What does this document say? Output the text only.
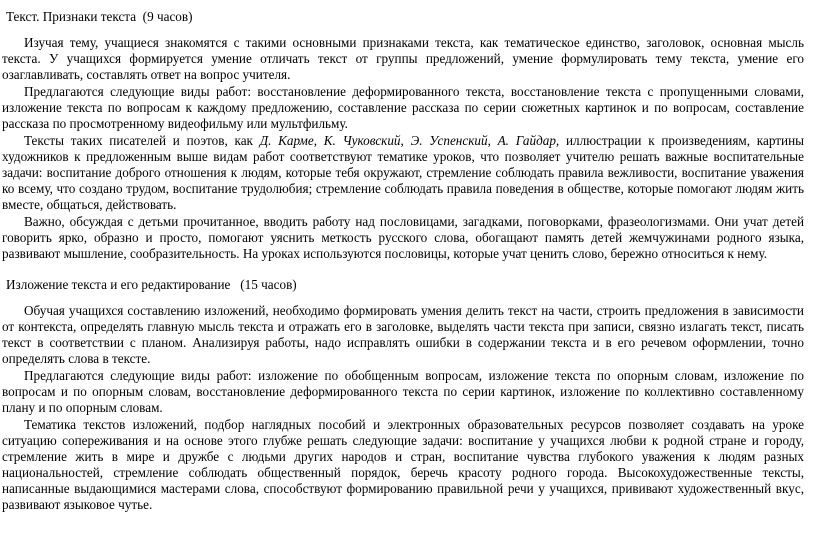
Текст. Признаки текста  (9 часов)

Изучая тему, учащиеся знакомятся с такими основными признаками текста, как тематическое единство, заголовок, основная мысль текста. У учащихся формируется умение отличать текст от группы предложений, умение формулировать тему текста, умение его озаглавливать, составлять ответ на вопрос учителя.

Предлагаются следующие виды работ: восстановление деформированного текста, восстановление текста с пропущенными словами, изложение текста по вопросам к каждому предложению, составление рассказа по серии сюжетных картинок и по вопросам, составление рассказа по просмотренному видеофильму или мультфильму.

Тексты таких писателей и поэтов, как Д. Карме, К. Чуковский, Э. Успенский, А. Гайдар, иллюстрации к произведениям, картины художников к предложенным выше видам работ соответствуют тематике уроков, что позволяет учителю решать важные воспитательные задачи: воспитание доброго отношения к людям, которые тебя окружают, стремление соблюдать правила вежливости, воспитание уважения ко всему, что создано трудом, воспитание трудолюбия; стремление соблюдать правила поведения в обществе, которые помогают людям жить вместе, общаться, действовать.

Важно, обсуждая с детьми прочитанное, вводить работу над пословицами, загадками, поговорками, фразеологизмами. Они учат детей говорить ярко, образно и просто, помогают уяснить меткость русского слова, обогащают память детей жемчужинами родного языка, развивают мышление, сообразительность. На уроках используются пословицы, которые учат ценить слово, бережно относиться к нему.

Изложение текста и его редактирование   (15 часов)

Обучая учащихся составлению изложений, необходимо формировать умения делить текст на части, строить предложения в зависимости от контекста, определять главную мысль текста и отражать его в заголовке, выделять части текста при записи, связно излагать текст, писать текст в соответствии с планом. Анализируя работы, надо исправлять ошибки в содержании текста и в его речевом оформлении, точно определять слова в тексте.

Предлагаются следующие виды работ: изложение по обобщенным вопросам, изложение текста по опорным словам, изложение по вопросам и по опорным словам, восстановление деформированного текста по серии картинок, изложение по коллективно составленному плану и по опорным словам.

Тематика текстов изложений, подбор наглядных пособий и электронных образовательных ресурсов позволяет создавать на уроке ситуацию сопереживания и на основе этого глубже решать следующие задачи: воспитание у учащихся любви к родной стране и городу, стремление жить в мире и дружбе с людьми других народов и стран, воспитание чувства глубокого уважения к людям разных национальностей, стремление соблюдать общественный порядок, беречь красоту родного города. Высокохудожественные тексты, написанные выдающимися мастерами слова, способствуют формированию правильной речи у учащихся, прививают художественный вкус, развивают языковое чутье.
